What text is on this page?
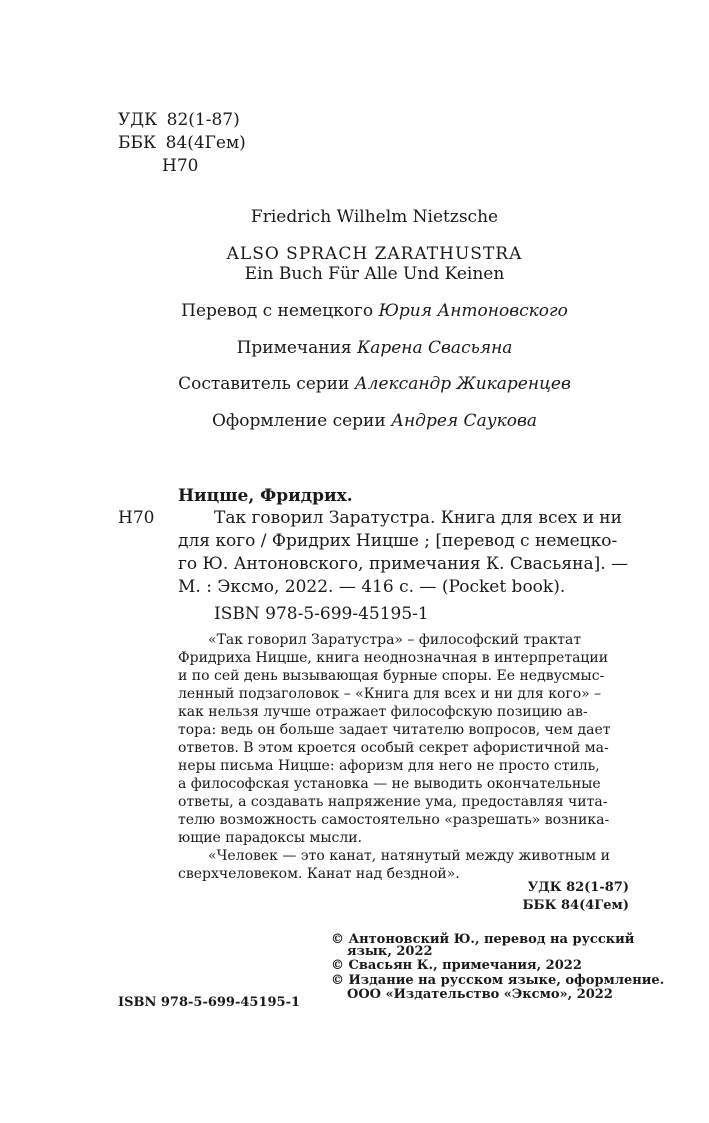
УДК 82(1-87)
ББК 84(4Гем)
Н70
Friedrich Wilhelm Nietzsche
ALSO SPRACH ZARATHUSTRA
Ein Buch Für Alle Und Keinen
Перевод с немецкого Юрия Антоновского
Примечания Карена Свасьяна
Составитель серии Александр Жикаренцев
Оформление серии Андрея Саукова
Ницше, Фридрих.
Н70	Так говорил Заратустра. Книга для всех и ни
для кого / Фридрих Ницше ; [перевод с немецко-
го Ю. Антоновского, примечания К. Свасьяна]. —
М. : Эксмо, 2022. — 416 с. — (Pocket book).
ISBN 978-5-699-45195-1
«Так говорил Заратустра» – философский трактат
Фридриха Ницше, книга неоднозначная в интерпретации
и по сей день вызывающая бурные споры. Ее недвусмыс-
ленный подзаголовок – «Книга для всех и ни для кого» –
как нельзя лучше отражает философскую позицию ав-
тора: ведь он больше задает читателю вопросов, чем дает
ответов. В этом кроется особый секрет афористичной ма-
неры письма Ницше: афоризм для него не просто стиль,
а философская установка — не выводить окончательные
ответы, а создавать напряжение ума, предоставляя чита-
телю возможность самостоятельно «разрешать» возника-
ющие парадоксы мысли.
«Человек — это канат, натянутый между животным и
сверхчеловеком. Канат над бездной».
УДК 82(1-87)
ББК 84(4Гем)
© Антоновский Ю., перевод на русский
язык, 2022
© Свасьян К., примечания, 2022
© Издание на русском языке, оформление.
ООО «Издательство «Эксмо», 2022
ISBN 978-5-699-45195-1
